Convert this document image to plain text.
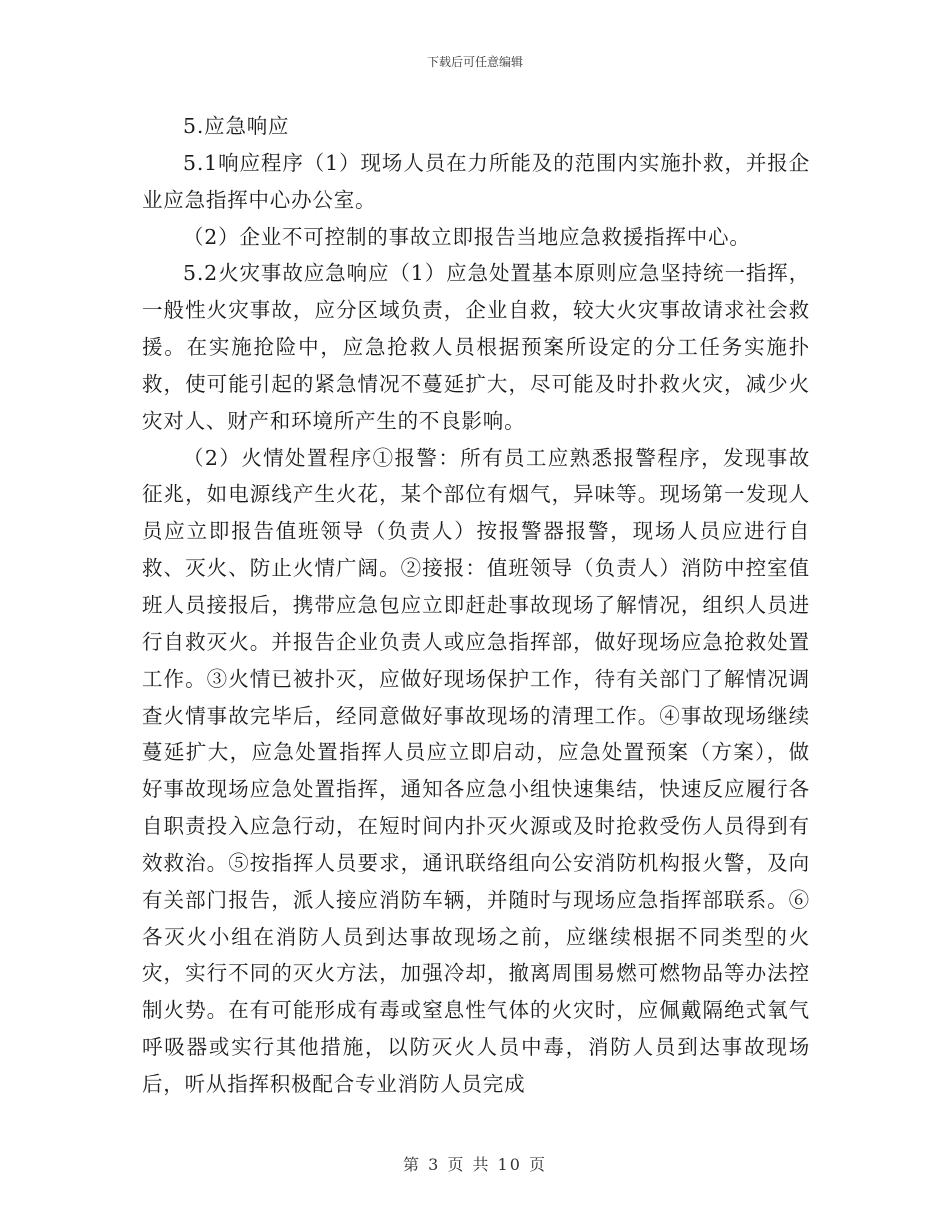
下载后可任意编辑

5.应急响应

5.1响应程序（1）现场人员在力所能及的范围内实施扑救，并报企业应急指挥中心办公室。

（2）企业不可控制的事故立即报告当地应急救援指挥中心。

5.2火灾事故应急响应（1）应急处置基本原则应急坚持统一指挥，一般性火灾事故，应分区域负责，企业自救，较大火灾事故请求社会救援。在实施抢险中，应急抢救人员根据预案所设定的分工任务实施扑救，使可能引起的紧急情况不蔓延扩大，尽可能及时扑救火灾，减少火灾对人、财产和环境所产生的不良影响。

（2）火情处置程序①报警：所有员工应熟悉报警程序，发现事故征兆，如电源线产生火花，某个部位有烟气，异味等。现场第一发现人员应立即报告值班领导（负责人）按报警器报警，现场人员应进行自救、灭火、防止火情广阔。②接报：值班领导（负责人）消防中控室值班人员接报后，携带应急包应立即赶赴事故现场了解情况，组织人员进行自救灭火。并报告企业负责人或应急指挥部，做好现场应急抢救处置工作。③火情已被扑灭，应做好现场保护工作，待有关部门了解情况调查火情事故完毕后，经同意做好事故现场的清理工作。④事故现场继续蔓延扩大，应急处置指挥人员应立即启动，应急处置预案（方案），做好事故现场应急处置指挥，通知各应急小组快速集结，快速反应履行各自职责投入应急行动，在短时间内扑灭火源或及时抢救受伤人员得到有效救治。⑤按指挥人员要求，通讯联络组向公安消防机构报火警，及向有关部门报告，派人接应消防车辆，并随时与现场应急指挥部联系。⑥各灭火小组在消防人员到达事故现场之前，应继续根据不同类型的火灾，实行不同的灭火方法，加强冷却，撤离周围易燃可燃物品等办法控制火势。在有可能形成有毒或窒息性气体的火灾时，应佩戴隔绝式氧气呼吸器或实行其他措施，以防灭火人员中毒，消防人员到达事故现场后，听从指挥积极配合专业消防人员完成

第 3 页 共 10 页
